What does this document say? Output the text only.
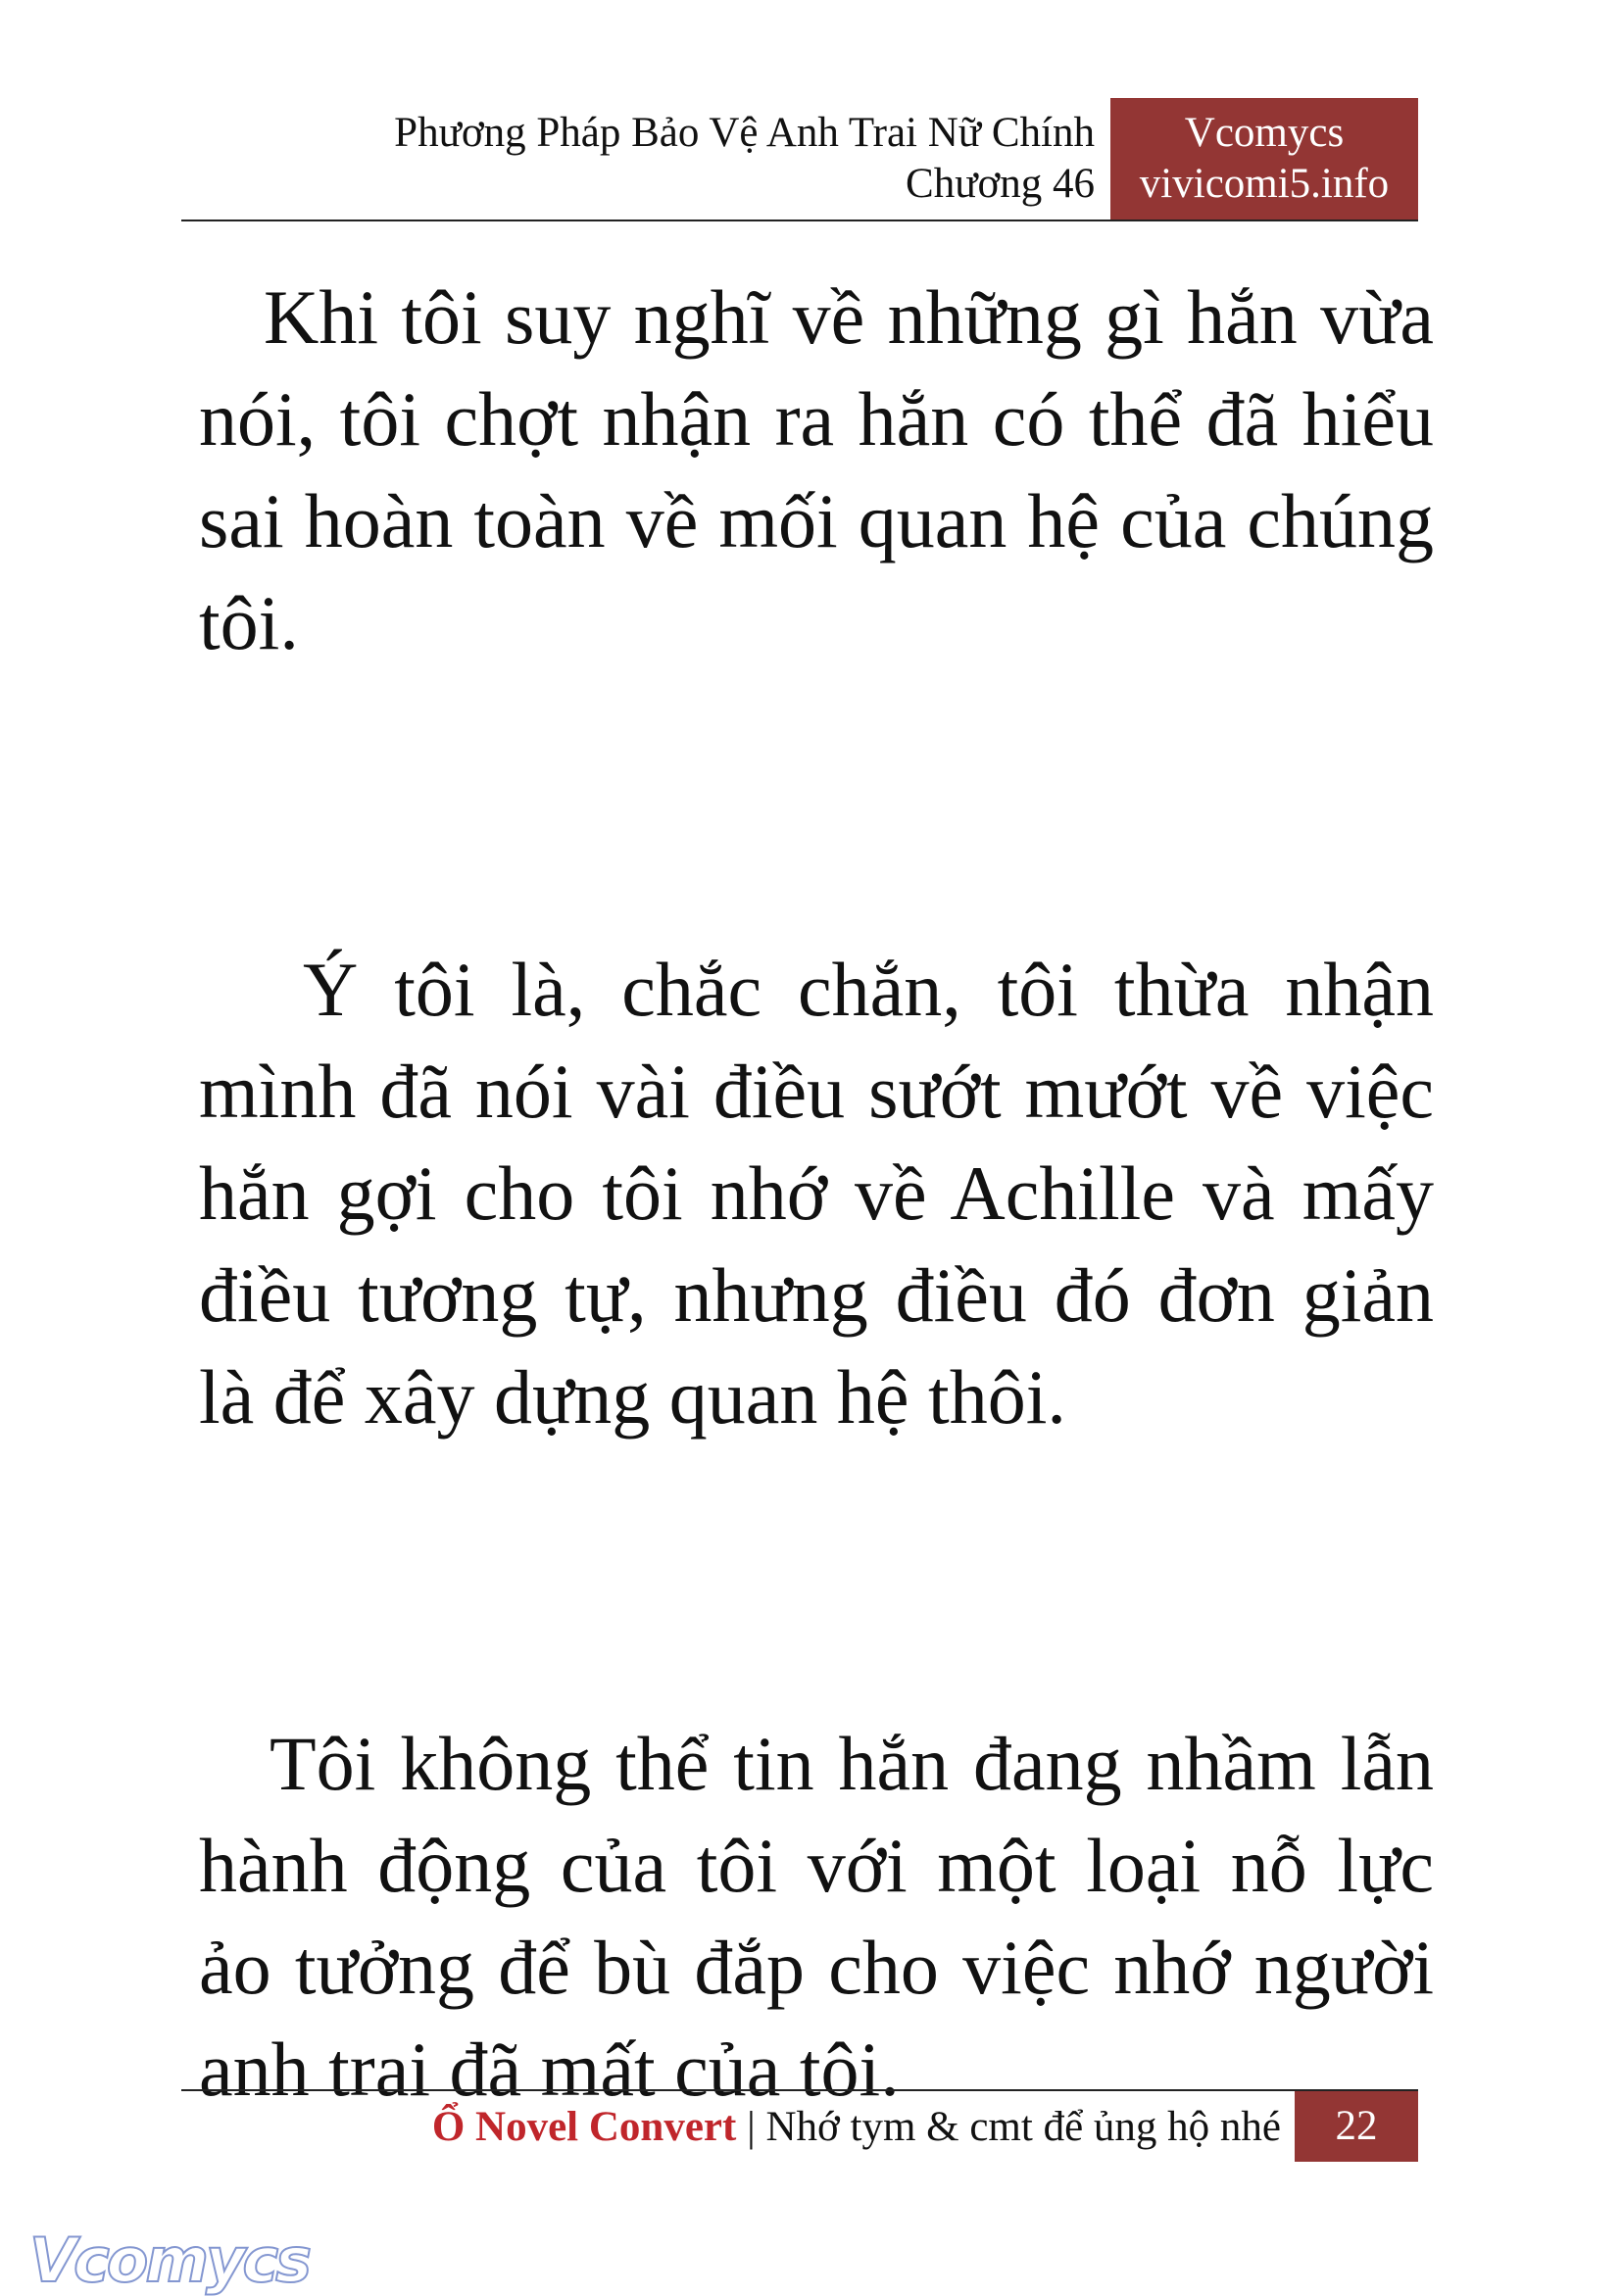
Phương Pháp Bảo Vệ Anh Trai Nữ Chính
Chương 46
Vcomycs
vivicomi5.info

Khi tôi suy nghĩ về những gì hắn vừa nói, tôi chợt nhận ra hắn có thể đã hiểu sai hoàn toàn về mối quan hệ của chúng tôi.

Ý tôi là, chắc chắn, tôi thừa nhận mình đã nói vài điều sướt mướt về việc hắn gợi cho tôi nhớ về Achille và mấy điều tương tự, nhưng điều đó đơn giản là để xây dựng quan hệ thôi.

Tôi không thể tin hắn đang nhầm lẫn hành động của tôi với một loại nỗ lực ảo tưởng để bù đắp cho việc nhớ người anh trai đã mất của tôi.

Ổ Novel Convert | Nhớ tym & cmt để ủng hộ nhé	22
Vcomycs
